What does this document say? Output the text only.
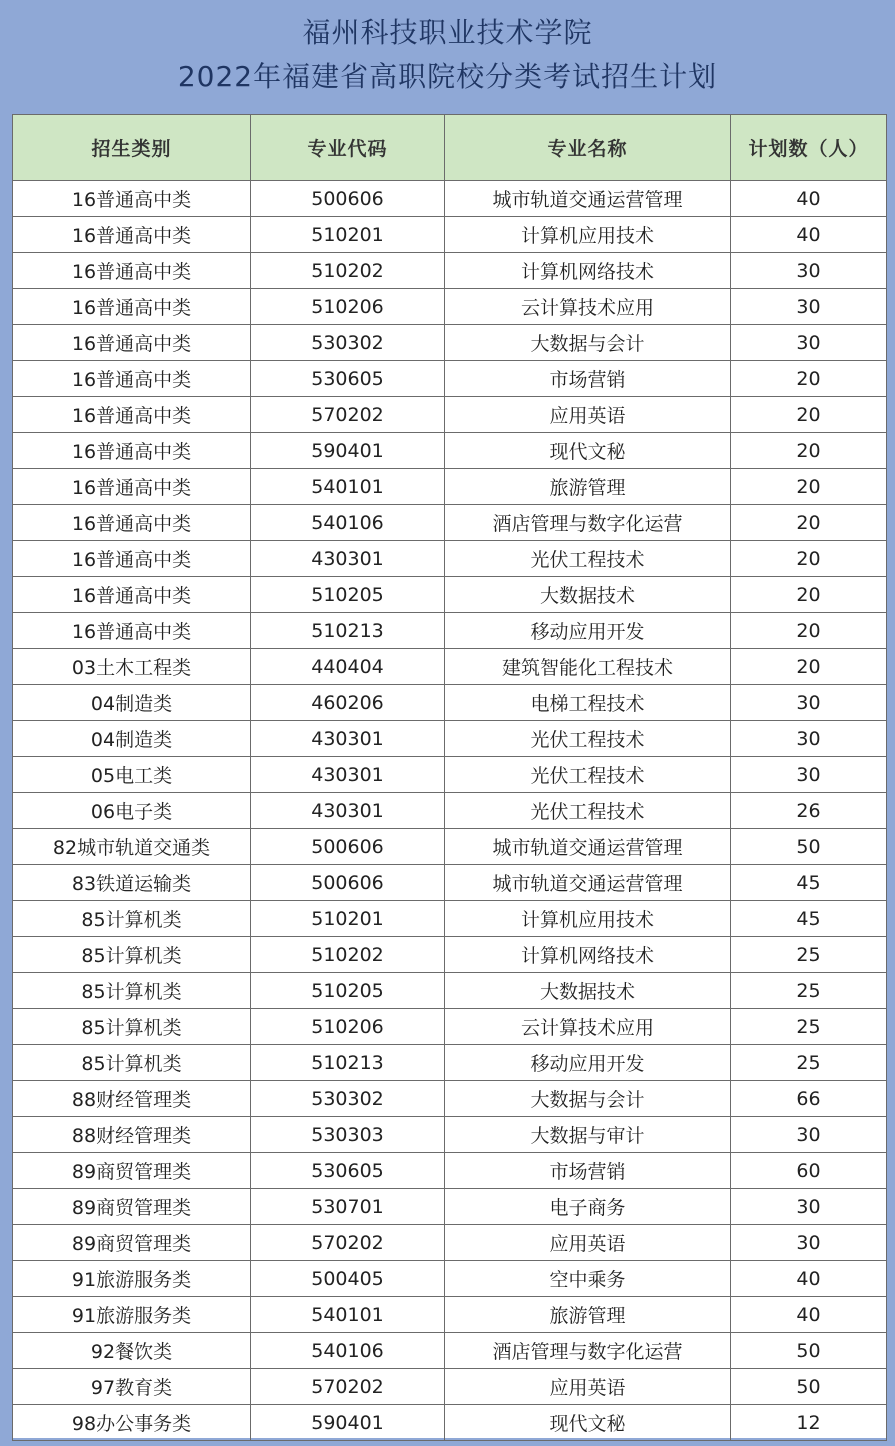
福州科技职业技术学院
2022年福建省高职院校分类考试招生计划
招生类别	专业代码	专业名称	计划数（人）
16普通高中类	500606	城市轨道交通运营管理	40
16普通高中类	510201	计算机应用技术	40
16普通高中类	510202	计算机网络技术	30
16普通高中类	510206	云计算技术应用	30
16普通高中类	530302	大数据与会计	30
16普通高中类	530605	市场营销	20
16普通高中类	570202	应用英语	20
16普通高中类	590401	现代文秘	20
16普通高中类	540101	旅游管理	20
16普通高中类	540106	酒店管理与数字化运营	20
16普通高中类	430301	光伏工程技术	20
16普通高中类	510205	大数据技术	20
16普通高中类	510213	移动应用开发	20
03土木工程类	440404	建筑智能化工程技术	20
04制造类	460206	电梯工程技术	30
04制造类	430301	光伏工程技术	30
05电工类	430301	光伏工程技术	30
06电子类	430301	光伏工程技术	26
82城市轨道交通类	500606	城市轨道交通运营管理	50
83铁道运输类	500606	城市轨道交通运营管理	45
85计算机类	510201	计算机应用技术	45
85计算机类	510202	计算机网络技术	25
85计算机类	510205	大数据技术	25
85计算机类	510206	云计算技术应用	25
85计算机类	510213	移动应用开发	25
88财经管理类	530302	大数据与会计	66
88财经管理类	530303	大数据与审计	30
89商贸管理类	530605	市场营销	60
89商贸管理类	530701	电子商务	30
89商贸管理类	570202	应用英语	30
91旅游服务类	500405	空中乘务	40
91旅游服务类	540101	旅游管理	40
92餐饮类	540106	酒店管理与数字化运营	50
97教育类	570202	应用英语	50
98办公事务类	590401	现代文秘	12
